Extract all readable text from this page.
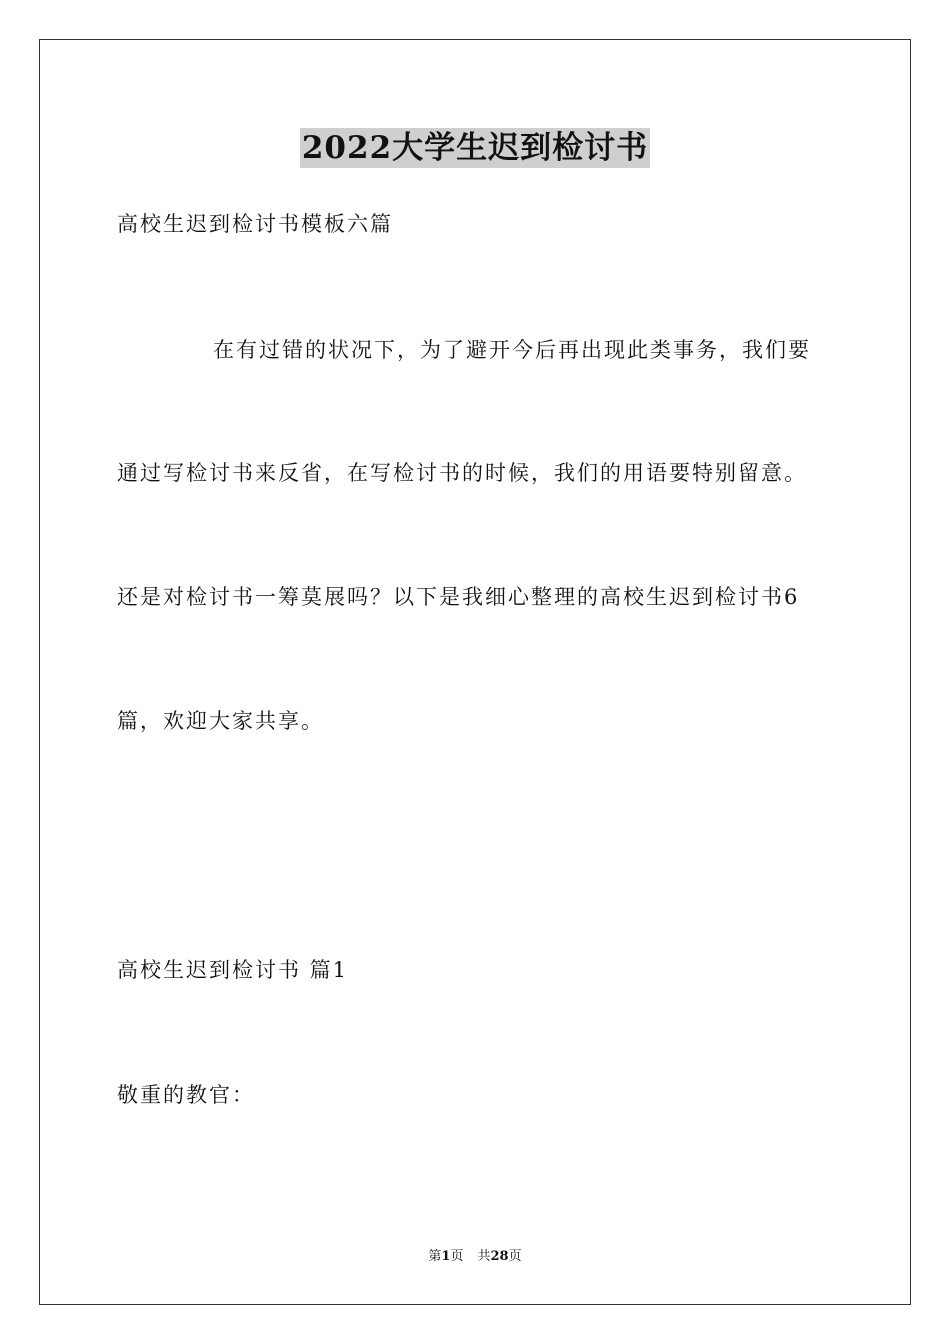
2022大学生迟到检讨书
高校生迟到检讨书模板六篇
在有过错的状况下，为了避开今后再出现此类事务，我们要
通过写检讨书来反省，在写检讨书的时候，我们的用语要特别留意。
还是对检讨书一筹莫展吗？以下是我细心整理的高校生迟到检讨书6
篇，欢迎大家共享。
高校生迟到检讨书 篇1
敬重的教官：
第1页 共28页
